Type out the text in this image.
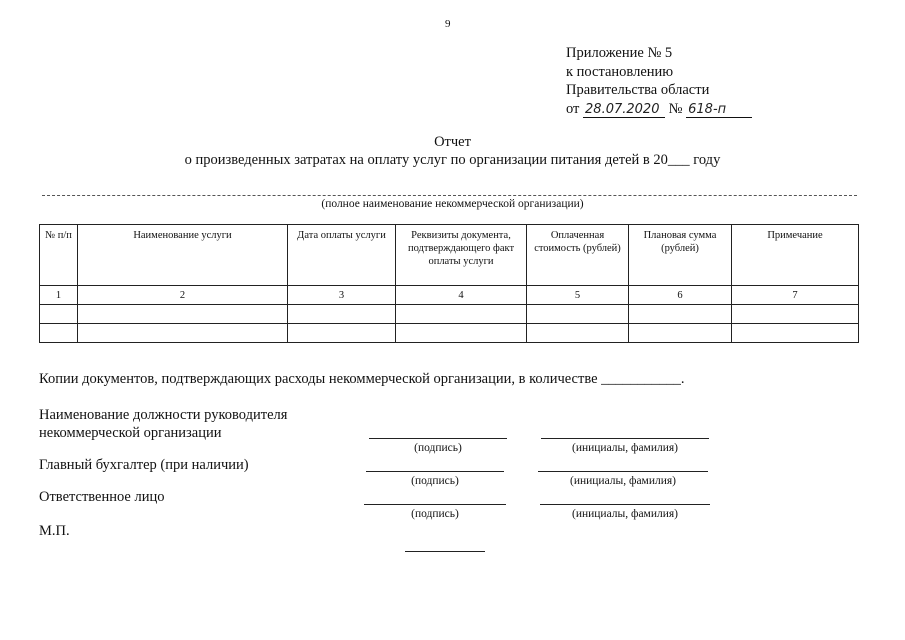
9
Приложение № 5
к постановлению
Правительства области
от 28.07.2020 № 618-п
Отчет
о произведенных затратах на оплату услуг по организации питания детей в 20___ году
(полное наименование некоммерческой организации)
№ п/п	Наименование услуги	Дата оплаты услуги	Реквизиты документа, подтверждающего факт оплаты услуги	Оплаченная стоимость (рублей)	Плановая сумма (рублей)	Примечание
1	2	3	4	5	6	7

Копии документов, подтверждающих расходы некоммерческой организации, в количестве ___________.
Наименование должности руководителя
некоммерческой организации
(подпись)	(инициалы, фамилия)
Главный бухгалтер (при наличии)
(подпись)	(инициалы, фамилия)
Ответственное лицо
(подпись)	(инициалы, фамилия)
М.П.
